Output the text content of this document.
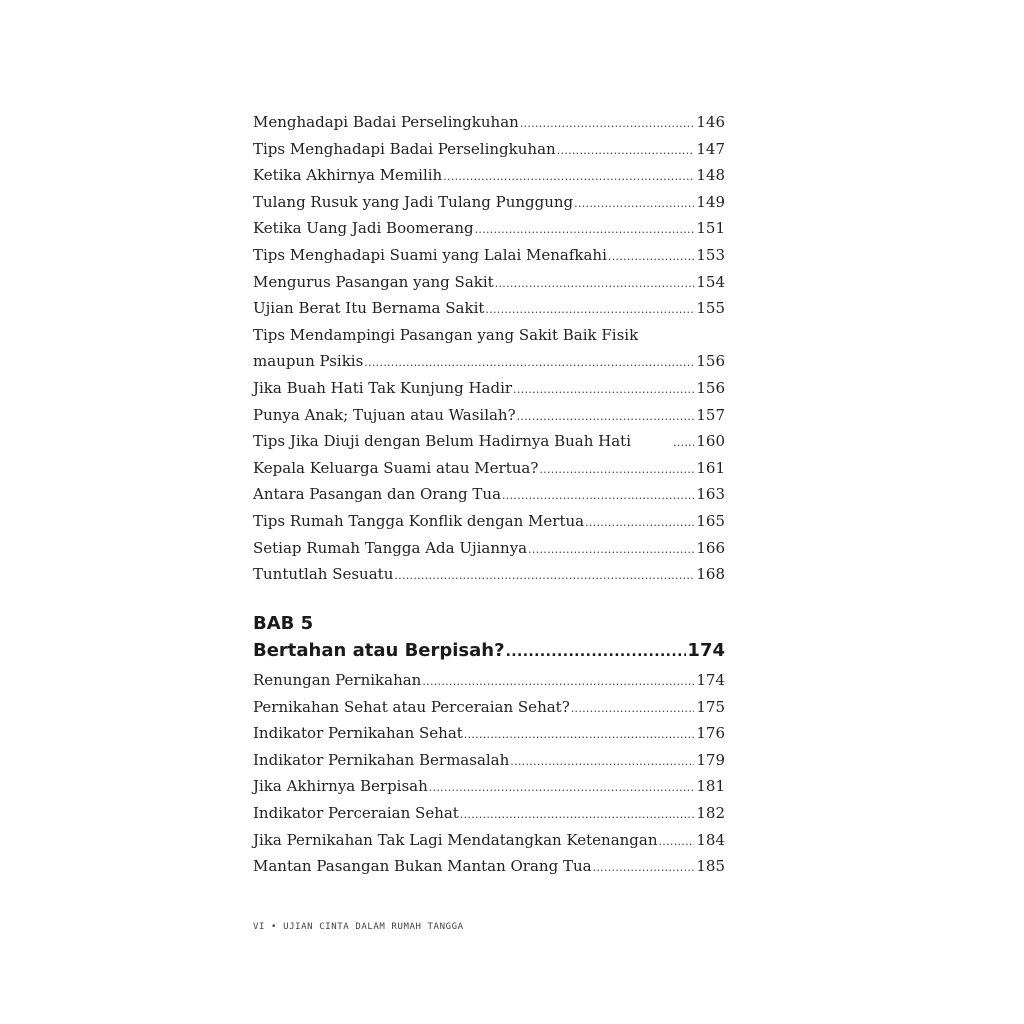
Menghadapi Badai Perselingkuhan . . .	146
Tips Menghadapi Badai Perselingkuhan . . .	147
Ketika Akhirnya Memilih . . .	148
Tulang Rusuk yang Jadi Tulang Punggung . . .	149
Ketika Uang Jadi Boomerang . . .	151
Tips Menghadapi Suami yang Lalai Menafkahi . . .	153
Mengurus Pasangan yang Sakit . . .	154
Ujian Berat Itu Bernama Sakit . . .	155
Tips Mendampingi Pasangan yang Sakit Baik Fisik
maupun Psikis . . .	156
Jika Buah Hati Tak Kunjung Hadir . . .	156
Punya Anak; Tujuan atau Wasilah? . . .	157
Tips Jika Diuji dengan Belum Hadirnya Buah Hati . . .	160
Kepala Keluarga Suami atau Mertua? . . .	161
Antara Pasangan dan Orang Tua . . .	163
Tips Rumah Tangga Konflik dengan Mertua . . .	165
Setiap Rumah Tangga Ada Ujiannya . . .	166
Tuntutlah Sesuatu . . .	168
BAB 5
Bertahan atau Berpisah? .....	174
Renungan Pernikahan . . .	174
Pernikahan Sehat atau Perceraian Sehat? . . .	175
Indikator Pernikahan Sehat . . .	176
Indikator Pernikahan Bermasalah . . .	179
Jika Akhirnya Berpisah . . .	181
Indikator Perceraian Sehat . . .	182
Jika Pernikahan Tak Lagi Mendatangkan Ketenangan . . .	184
Mantan Pasangan Bukan Mantan Orang Tua . . .	185
VI • UJIAN CINTA DALAM RUMAH TANGGA
